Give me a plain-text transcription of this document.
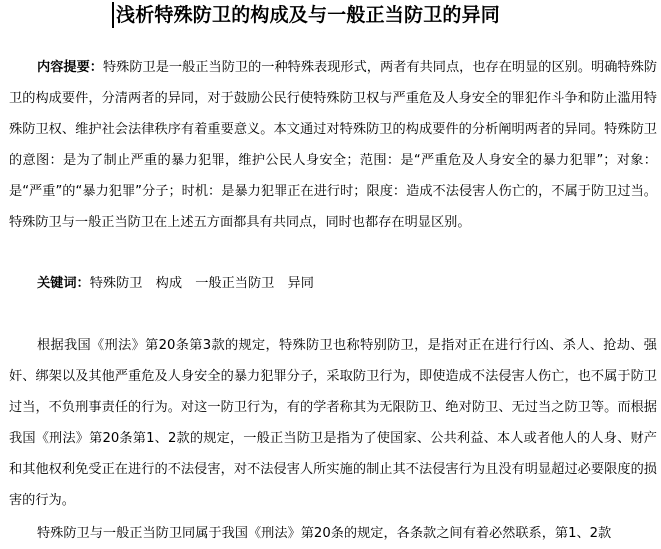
浅析特殊防卫的构成及与一般正当防卫的异同

内容提要：特殊防卫是一般正当防卫的一种特殊表现形式，两者有共同点，也存在明显的区别。明确特殊防卫的构成要件，分清两者的异同，对于鼓励公民行使特殊防卫权与严重危及人身安全的罪犯作斗争和防止滥用特殊防卫权、维护社会法律秩序有着重要意义。本文通过对特殊防卫的构成要件的分析阐明两者的异同。特殊防卫的意图：是为了制止严重的暴力犯罪，维护公民人身安全；范围：是“严重危及人身安全的暴力犯罪”；对象：是“严重”的“暴力犯罪”分子；时机：是暴力犯罪正在进行时；限度：造成不法侵害人伤亡的，不属于防卫过当。特殊防卫与一般正当防卫在上述五方面都具有共同点，同时也都存在明显区别。

关键词：特殊防卫　构成　一般正当防卫　异同

根据我国《刑法》第20条第3款的规定，特殊防卫也称特别防卫，是指对正在进行行凶、杀人、抢劫、强奸、绑架以及其他严重危及人身安全的暴力犯罪分子，采取防卫行为，即使造成不法侵害人伤亡，也不属于防卫过当，不负刑事责任的行为。对这一防卫行为，有的学者称其为无限防卫、绝对防卫、无过当之防卫等。而根据我国《刑法》第20条第1、2款的规定，一般正当防卫是指为了使国家、公共利益、本人或者他人的人身、财产和其他权利免受正在进行的不法侵害，对不法侵害人所实施的制止其不法侵害行为且没有明显超过必要限度的损害的行为。

特殊防卫与一般正当防卫同属于我国《刑法》第20条的规定，各条款之间有着必然联系，第1、2款
